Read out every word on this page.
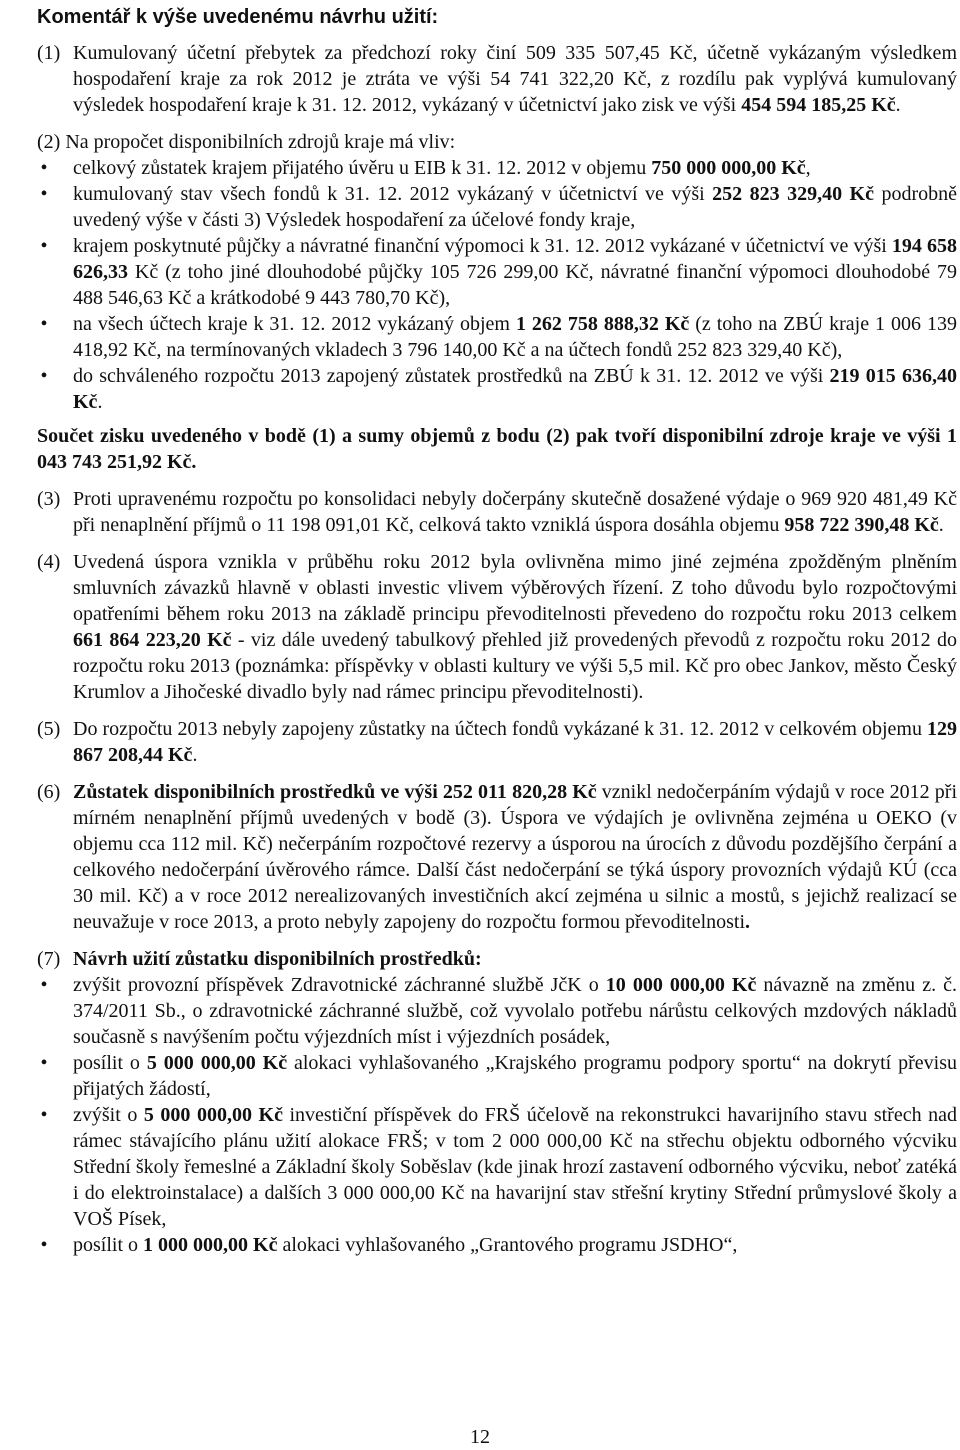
Komentář k výše uvedenému návrhu užití:
(1) Kumulovaný účetní přebytek za předchozí roky činí 509 335 507,45 Kč, účetně vykázaným výsledkem hospodaření kraje za rok 2012 je ztráta ve výši 54 741 322,20 Kč, z rozdílu pak vyplývá kumulovaný výsledek hospodaření kraje k 31. 12. 2012, vykázaný v účetnictví jako zisk ve výši 454 594 185,25 Kč.
(2) Na propočet disponibilních zdrojů kraje má vliv:
• celkový zůstatek krajem přijatého úvěru u EIB k 31. 12. 2012 v objemu 750 000 000,00 Kč,
• kumulovaný stav všech fondů k 31. 12. 2012 vykázaný v účetnictví ve výši 252 823 329,40 Kč podrobně uvedený výše v části 3) Výsledek hospodaření za účelové fondy kraje,
• krajem poskytnuté půjčky a návratné finanční výpomoci k 31. 12. 2012 vykázané v účetnictví ve výši 194 658 626,33 Kč (z toho jiné dlouhodobé půjčky 105 726 299,00 Kč, návratné finanční výpomoci dlouhodobé 79 488 546,63 Kč a krátkodobé 9 443 780,70 Kč),
• na všech účtech kraje k 31. 12. 2012 vykázaný objem 1 262 758 888,32 Kč (z toho na ZBÚ kraje 1 006 139 418,92 Kč, na termínovaných vkladech 3 796 140,00 Kč a na účtech fondů 252 823 329,40 Kč),
• do schváleného rozpočtu 2013 zapojený zůstatek prostředků na ZBÚ k 31. 12. 2012 ve výši 219 015 636,40 Kč.
Součet zisku uvedeného v bodě (1) a sumy objemů z bodu (2) pak tvoří disponibilní zdroje kraje ve výši 1 043 743 251,92 Kč.
(3) Proti upravenému rozpočtu po konsolidaci nebyly dočerpány skutečně dosažené výdaje o 969 920 481,49 Kč při nenaplnění příjmů o 11 198 091,01 Kč, celková takto vzniklá úspora dosáhla objemu 958 722 390,48 Kč.
(4) Uvedená úspora vznikla v průběhu roku 2012 byla ovlivněna mimo jiné zejména zpožděným plněním smluvních závazků hlavně v oblasti investic vlivem výběrových řízení. Z toho důvodu bylo rozpočtovými opatřeními během roku 2013 na základě principu převoditelnosti převedeno do rozpočtu roku 2013 celkem 661 864 223,20 Kč - viz dále uvedený tabulkový přehled již provedených převodů z rozpočtu roku 2012 do rozpočtu roku 2013 (poznámka: příspěvky v oblasti kultury ve výši 5,5 mil. Kč pro obec Jankov, město Český Krumlov a Jihočeské divadlo byly nad rámec principu převoditelnosti).
(5) Do rozpočtu 2013 nebyly zapojeny zůstatky na účtech fondů vykázané k 31. 12. 2012 v celkovém objemu 129 867 208,44 Kč.
(6) Zůstatek disponibilních prostředků ve výši 252 011 820,28 Kč vznikl nedočerpáním výdajů v roce 2012 při mírném nenaplnění příjmů uvedených v bodě (3). Úspora ve výdajích je ovlivněna zejména u OEKO (v objemu cca 112 mil. Kč) nečerpáním rozpočtové rezervy a úsporou na úrocích z důvodu pozdějšího čerpání a celkového nedočerpání úvěrového rámce. Další část nedočerpání se týká úspory provozních výdajů KÚ (cca 30 mil. Kč) a v roce 2012 nerealizovaných investičních akcí zejména u silnic a mostů, s jejichž realizací se neuvažuje v roce 2013, a proto nebyly zapojeny do rozpočtu formou převoditelnosti.
(7) Návrh užití zůstatku disponibilních prostředků:
• zvýšit provozní příspěvek Zdravotnické záchranné službě JčK o 10 000 000,00 Kč návazně na změnu z. č. 374/2011 Sb., o zdravotnické záchranné službě, což vyvolalo potřebu nárůstu celkových mzdových nákladů současně s navýšením počtu výjezdních míst i výjezdních posádek,
• posílit o 5 000 000,00 Kč alokaci vyhlašovaného „Krajského programu podpory sportu“ na dokrytí převisu přijatých žádostí,
• zvýšit o 5 000 000,00 Kč investiční příspěvek do FRŠ účelově na rekonstrukci havarijního stavu střech nad rámec stávajícího plánu užití alokace FRŠ; v tom 2 000 000,00 Kč na střechu objektu odborného výcviku Střední školy řemeslné a Základní školy Soběslav (kde jinak hrozí zastavení odborného výcviku, neboť zatéká i do elektroinstalace) a dalších 3 000 000,00 Kč na havarijní stav střešní krytiny Střední průmyslové školy a VOŠ Písek,
• posílit o 1 000 000,00 Kč alokaci vyhlašovaného „Grantového programu JSDHO“,
12
